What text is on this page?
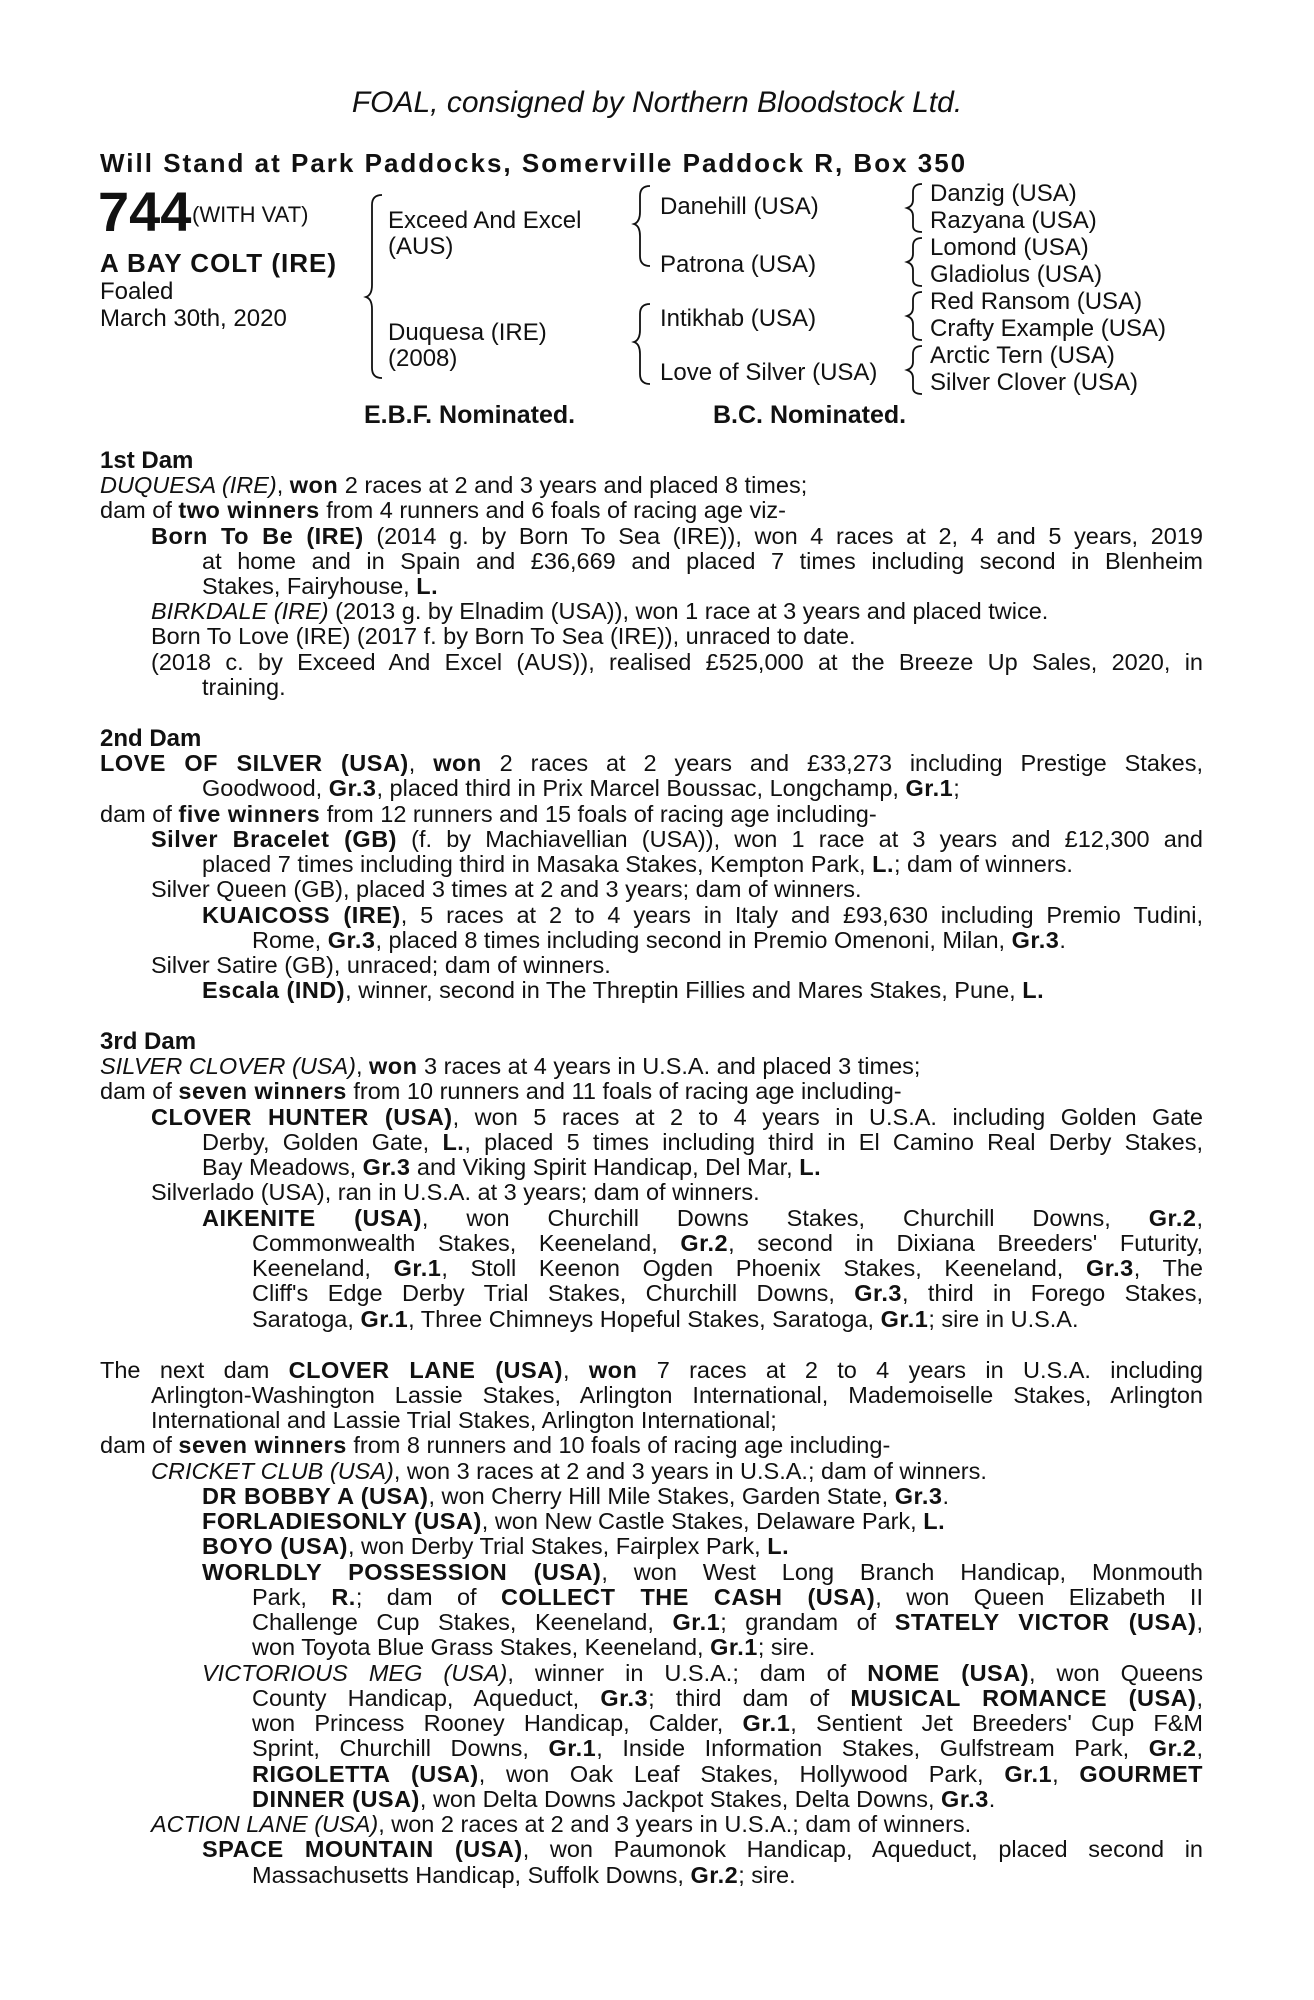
FOAL, consigned by Northern Bloodstock Ltd.
Will Stand at Park Paddocks, Somerville Paddock R, Box 350
744 (WITH VAT)
A BAY COLT (IRE)
Foaled
March 30th, 2020
Exceed And Excel
(AUS)
Duquesa (IRE)
(2008)
Danehill (USA)
Patrona (USA)
Intikhab (USA)
Love of Silver (USA)
Danzig (USA)
Razyana (USA)
Lomond (USA)
Gladiolus (USA)
Red Ransom (USA)
Crafty Example (USA)
Arctic Tern (USA)
Silver Clover (USA)
E.B.F. Nominated.	B.C. Nominated.
1st Dam
DUQUESA (IRE), won 2 races at 2 and 3 years and placed 8 times;
dam of two winners from 4 runners and 6 foals of racing age viz-
Born To Be (IRE) (2014 g. by Born To Sea (IRE)), won 4 races at 2, 4 and 5 years, 2019
at home and in Spain and £36,669 and placed 7 times including second in Blenheim
Stakes, Fairyhouse, L.
BIRKDALE (IRE) (2013 g. by Elnadim (USA)), won 1 race at 3 years and placed twice.
Born To Love (IRE) (2017 f. by Born To Sea (IRE)), unraced to date.
(2018 c. by Exceed And Excel (AUS)), realised £525,000 at the Breeze Up Sales, 2020, in
training.
2nd Dam
LOVE OF SILVER (USA), won 2 races at 2 years and £33,273 including Prestige Stakes,
Goodwood, Gr.3, placed third in Prix Marcel Boussac, Longchamp, Gr.1;
dam of five winners from 12 runners and 15 foals of racing age including-
Silver Bracelet (GB) (f. by Machiavellian (USA)), won 1 race at 3 years and £12,300 and
placed 7 times including third in Masaka Stakes, Kempton Park, L.; dam of winners.
Silver Queen (GB), placed 3 times at 2 and 3 years; dam of winners.
KUAICOSS (IRE), 5 races at 2 to 4 years in Italy and £93,630 including Premio Tudini,
Rome, Gr.3, placed 8 times including second in Premio Omenoni, Milan, Gr.3.
Silver Satire (GB), unraced; dam of winners.
Escala (IND), winner, second in The Threptin Fillies and Mares Stakes, Pune, L.
3rd Dam
SILVER CLOVER (USA), won 3 races at 4 years in U.S.A. and placed 3 times;
dam of seven winners from 10 runners and 11 foals of racing age including-
CLOVER HUNTER (USA), won 5 races at 2 to 4 years in U.S.A. including Golden Gate
Derby, Golden Gate, L., placed 5 times including third in El Camino Real Derby Stakes,
Bay Meadows, Gr.3 and Viking Spirit Handicap, Del Mar, L.
Silverlado (USA), ran in U.S.A. at 3 years; dam of winners.
AIKENITE (USA), won Churchill Downs Stakes, Churchill Downs, Gr.2,
Commonwealth Stakes, Keeneland, Gr.2, second in Dixiana Breeders' Futurity,
Keeneland, Gr.1, Stoll Keenon Ogden Phoenix Stakes, Keeneland, Gr.3, The
Cliff's Edge Derby Trial Stakes, Churchill Downs, Gr.3, third in Forego Stakes,
Saratoga, Gr.1, Three Chimneys Hopeful Stakes, Saratoga, Gr.1; sire in U.S.A.
The next dam CLOVER LANE (USA), won 7 races at 2 to 4 years in U.S.A. including
Arlington-Washington Lassie Stakes, Arlington International, Mademoiselle Stakes, Arlington
International and Lassie Trial Stakes, Arlington International;
dam of seven winners from 8 runners and 10 foals of racing age including-
CRICKET CLUB (USA), won 3 races at 2 and 3 years in U.S.A.; dam of winners.
DR BOBBY A (USA), won Cherry Hill Mile Stakes, Garden State, Gr.3.
FORLADIESONLY (USA), won New Castle Stakes, Delaware Park, L.
BOYO (USA), won Derby Trial Stakes, Fairplex Park, L.
WORLDLY POSSESSION (USA), won West Long Branch Handicap, Monmouth
Park, R.; dam of COLLECT THE CASH (USA), won Queen Elizabeth II
Challenge Cup Stakes, Keeneland, Gr.1; grandam of STATELY VICTOR (USA),
won Toyota Blue Grass Stakes, Keeneland, Gr.1; sire.
VICTORIOUS MEG (USA), winner in U.S.A.; dam of NOME (USA), won Queens
County Handicap, Aqueduct, Gr.3; third dam of MUSICAL ROMANCE (USA),
won Princess Rooney Handicap, Calder, Gr.1, Sentient Jet Breeders' Cup F&M
Sprint, Churchill Downs, Gr.1, Inside Information Stakes, Gulfstream Park, Gr.2,
RIGOLETTA (USA), won Oak Leaf Stakes, Hollywood Park, Gr.1, GOURMET
DINNER (USA), won Delta Downs Jackpot Stakes, Delta Downs, Gr.3.
ACTION LANE (USA), won 2 races at 2 and 3 years in U.S.A.; dam of winners.
SPACE MOUNTAIN (USA), won Paumonok Handicap, Aqueduct, placed second in
Massachusetts Handicap, Suffolk Downs, Gr.2; sire.
